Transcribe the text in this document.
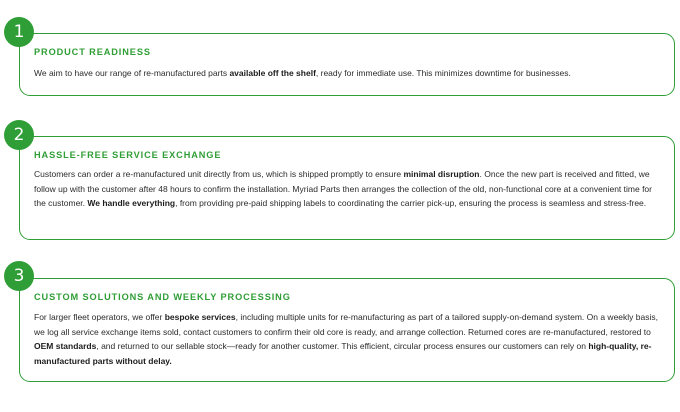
PRODUCT READINESS

We aim to have our range of re-manufactured parts available off the shelf, ready for immediate use. This minimizes downtime for businesses.

1
HASSLE-FREE SERVICE EXCHANGE

Customers can order a re-manufactured unit directly from us, which is shipped promptly to ensure minimal disruption. Once the new part is received and fitted, we follow up with the customer after 48 hours to confirm the installation. Myriad Parts then arranges the collection of the old, non-functional core at a convenient time for the customer. We handle everything, from providing pre-paid shipping labels to coordinating the carrier pick-up, ensuring the process is seamless and stress-free.

2
CUSTOM SOLUTIONS AND WEEKLY PROCESSING

For larger fleet operators, we offer bespoke services, including multiple units for re-manufacturing as part of a tailored supply-on-demand system. On a weekly basis, we log all service exchange items sold, contact customers to confirm their old core is ready, and arrange collection. Returned cores are re-manufactured, restored to OEM standards, and returned to our sellable stock—ready for another customer. This efficient, circular process ensures our customers can rely on high-quality, re-manufactured parts without delay.

3
